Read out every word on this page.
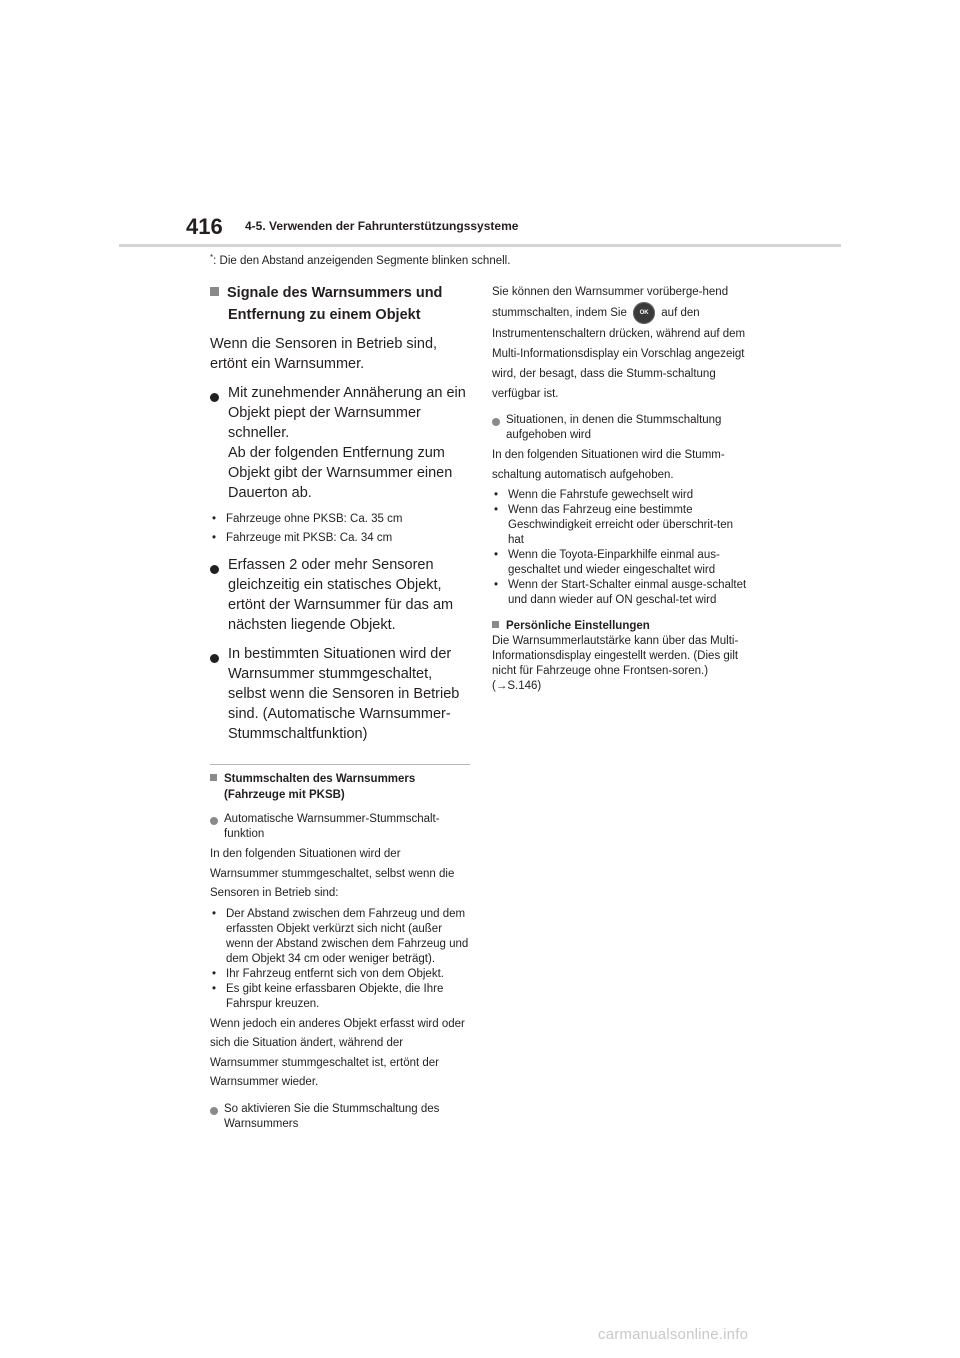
416 4-5. Verwenden der Fahrunterstützungssysteme
*: Die den Abstand anzeigenden Segmente blinken schnell.
Signale des Warnsummers und
Entfernung zu einem Objekt
Wenn die Sensoren in Betrieb sind, ertönt ein Warnsummer.
Mit zunehmender Annäherung an ein Objekt piept der Warnsummer schneller.
Ab der folgenden Entfernung zum Objekt gibt der Warnsummer einen Dauerton ab.
• Fahrzeuge ohne PKSB: Ca. 35 cm
• Fahrzeuge mit PKSB: Ca. 34 cm
Erfassen 2 oder mehr Sensoren gleichzeitig ein statisches Objekt, ertönt der Warnsummer für das am nächsten liegende Objekt.
In bestimmten Situationen wird der Warnsummer stummgeschaltet, selbst wenn die Sensoren in Betrieb sind. (Automatische Warnsummer-Stummschaltfunktion)
Stummschalten des Warnsummers (Fahrzeuge mit PKSB)
Automatische Warnsummer-Stummschalt-funktion
In den folgenden Situationen wird der Warnsummer stummgeschaltet, selbst wenn die Sensoren in Betrieb sind:
• Der Abstand zwischen dem Fahrzeug und dem erfassten Objekt verkürzt sich nicht (außer wenn der Abstand zwischen dem Fahrzeug und dem Objekt 34 cm oder weniger beträgt).
• Ihr Fahrzeug entfernt sich von dem Objekt.
• Es gibt keine erfassbaren Objekte, die Ihre Fahrspur kreuzen.
Wenn jedoch ein anderes Objekt erfasst wird oder sich die Situation ändert, während der Warnsummer stummgeschaltet ist, ertönt der Warnsummer wieder.
So aktivieren Sie die Stummschaltung des Warnsummers
Sie können den Warnsummer vorüberge-hend stummschalten, indem Sie OK auf den Instrumentenschaltern drücken, während auf dem Multi-Informationsdisplay ein Vorschlag angezeigt wird, der besagt, dass die Stumm-schaltung verfügbar ist.
Situationen, in denen die Stummschaltung aufgehoben wird
In den folgenden Situationen wird die Stumm-schaltung automatisch aufgehoben.
• Wenn die Fahrstufe gewechselt wird
• Wenn das Fahrzeug eine bestimmte Geschwindigkeit erreicht oder überschrit-ten hat
• Wenn die Toyota-Einparkhilfe einmal aus-geschaltet und wieder eingeschaltet wird
• Wenn der Start-Schalter einmal ausge-schaltet und dann wieder auf ON geschal-tet wird
Persönliche Einstellungen
Die Warnsummerlautstärke kann über das Multi-Informationsdisplay eingestellt werden. (Dies gilt nicht für Fahrzeuge ohne Frontsen-soren.) (→S.146)
carmanualsonline.info
